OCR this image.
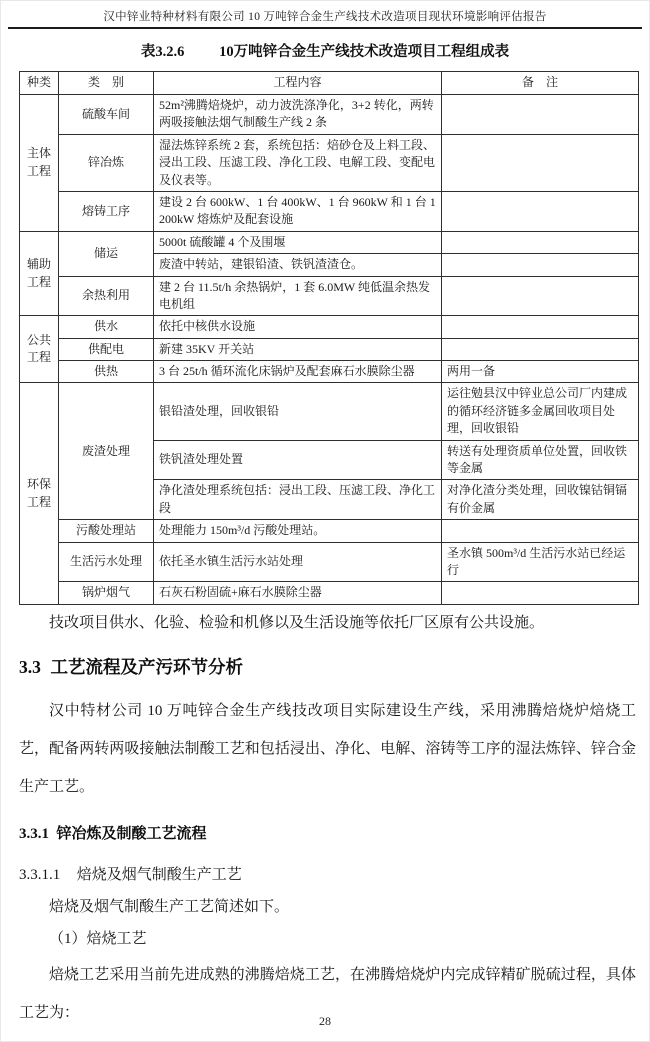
汉中锌业特种材料有限公司 10 万吨锌合金生产线技术改造项目现状环境影响评估报告
表3.2.6 10万吨锌合金生产线技术改造项目工程组成表
种类	类　别	工程内容	备　注
主体工程	硫酸车间	52m²沸腾焙烧炉，动力波洗涤净化，3+2 转化，两转两吸接触法烟气制酸生产线 2 条	
	锌冶炼	湿法炼锌系统 2 套，系统包括：焙砂仓及上料工段、浸出工段、压滤工段、净化工段、电解工段、变配电及仪表等。	
	熔铸工序	建设 2 台 600kW、1 台 400kW、1 台 960kW 和 1 台 1200kW 熔炼炉及配套设施	
辅助工程	储运	5000t 硫酸罐 4 个及围堰	
		废渣中转站，建银铅渣、铁钒渣渣仓。	
	余热利用	建 2 台 11.5t/h 余热锅炉，1 套 6.0MW 纯低温余热发电机组	
公共工程	供水	依托中核供水设施	
	供配电	新建 35KV 开关站	
	供热	3 台 25t/h 循环流化床锅炉及配套麻石水膜除尘器	两用一备
环保工程	废渣处理	银铅渣处理，回收银铅	运往勉县汉中锌业总公司厂内建成的循环经济链多金属回收项目处理，回收银铅
		铁钒渣处理处置	转送有处理资质单位处置，回收铁等金属
		净化渣处理系统包括：浸出工段、压滤工段、净化工段	对净化渣分类处理，回收镍钴铜镉有价金属
	污酸处理站	处理能力 150m³/d 污酸处理站。	
	生活污水处理	依托圣水镇生活污水站处理	圣水镇 500m³/d 生活污水站已经运行
	锅炉烟气	石灰石粉固硫+麻石水膜除尘器	

技改项目供水、化验、检验和机修以及生活设施等依托厂区原有公共设施。

3.3 工艺流程及产污环节分析

汉中特材公司 10 万吨锌合金生产线技改项目实际建设生产线，采用沸腾焙烧炉焙烧工艺，配备两转两吸接触法制酸工艺和包括浸出、净化、电解、溶铸等工序的湿法炼锌、锌合金生产工艺。

3.3.1 锌冶炼及制酸工艺流程
3.3.1.1 焙烧及烟气制酸生产工艺

焙烧及烟气制酸生产工艺简述如下。

（1）焙烧工艺

焙烧工艺采用当前先进成熟的沸腾焙烧工艺，在沸腾焙烧炉内完成锌精矿脱硫过程，具体工艺为：

28
